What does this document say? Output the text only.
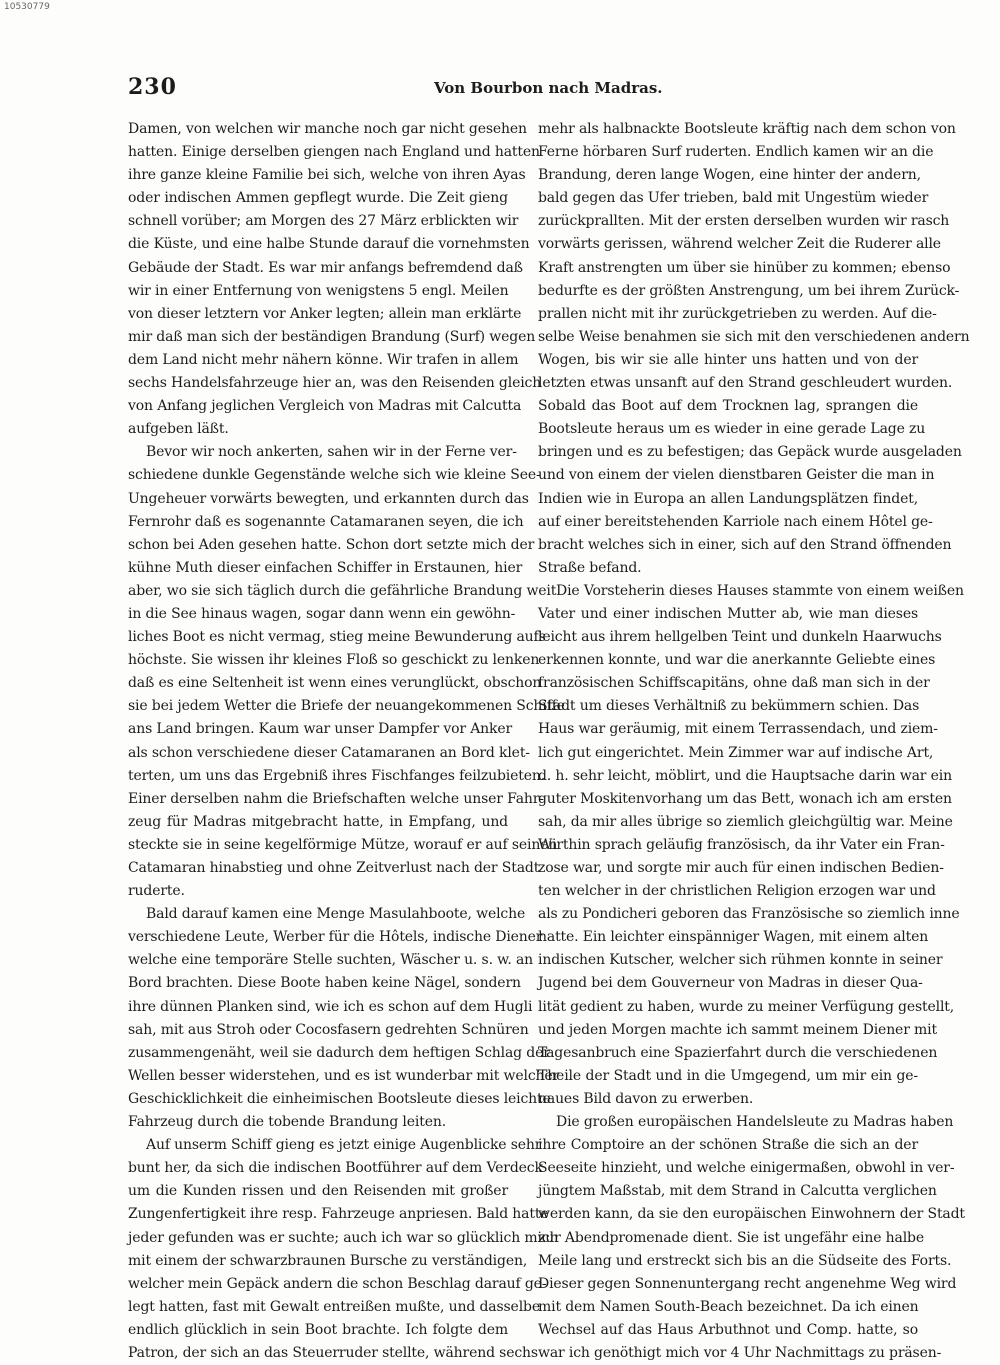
10530779
230	Von Bourbon nach Madras.
Damen, von welchen wir manche noch gar nicht gesehen
hatten. Einige derselben giengen nach England und hatten
ihre ganze kleine Familie bei sich, welche von ihren Ayas
oder indischen Ammen gepflegt wurde. Die Zeit gieng
schnell vorüber; am Morgen des 27 März erblickten wir
die Küste, und eine halbe Stunde darauf die vornehmsten
Gebäude der Stadt. Es war mir anfangs befremdend daß
wir in einer Entfernung von wenigstens 5 engl. Meilen
von dieser letztern vor Anker legten; allein man erklärte
mir daß man sich der beständigen Brandung (Surf) wegen
dem Land nicht mehr nähern könne. Wir trafen in allem
sechs Handelsfahrzeuge hier an, was den Reisenden gleich
von Anfang jeglichen Vergleich von Madras mit Calcutta
aufgeben läßt.
Bevor wir noch ankerten, sahen wir in der Ferne ver-
schiedene dunkle Gegenstände welche sich wie kleine See-
Ungeheuer vorwärts bewegten, und erkannten durch das
Fernrohr daß es sogenannte Catamaranen seyen, die ich
schon bei Aden gesehen hatte. Schon dort setzte mich der
kühne Muth dieser einfachen Schiffer in Erstaunen, hier
aber, wo sie sich täglich durch die gefährliche Brandung weit
in die See hinaus wagen, sogar dann wenn ein gewöhn-
liches Boot es nicht vermag, stieg meine Bewunderung aufs
höchste. Sie wissen ihr kleines Floß so geschickt zu lenken
daß es eine Seltenheit ist wenn eines verunglückt, obschon
sie bei jedem Wetter die Briefe der neuangekommenen Schiffe
ans Land bringen. Kaum war unser Dampfer vor Anker
als schon verschiedene dieser Catamaranen an Bord klet-
terten, um uns das Ergebniß ihres Fischfanges feilzubieten.
Einer derselben nahm die Briefschaften welche unser Fahr-
zeug für Madras mitgebracht hatte, in Empfang, und
steckte sie in seine kegelförmige Mütze, worauf er auf seinen
Catamaran hinabstieg und ohne Zeitverlust nach der Stadt
ruderte.
Bald darauf kamen eine Menge Masulahboote, welche
verschiedene Leute, Werber für die Hôtels, indische Diener
welche eine temporäre Stelle suchten, Wäscher u. s. w. an
Bord brachten. Diese Boote haben keine Nägel, sondern
ihre dünnen Planken sind, wie ich es schon auf dem Hugli
sah, mit aus Stroh oder Cocosfasern gedrehten Schnüren
zusammengenäht, weil sie dadurch dem heftigen Schlag der
Wellen besser widerstehen, und es ist wunderbar mit welcher
Geschicklichkeit die einheimischen Bootsleute dieses leichte
Fahrzeug durch die tobende Brandung leiten.
Auf unserm Schiff gieng es jetzt einige Augenblicke sehr
bunt her, da sich die indischen Bootführer auf dem Verdeck
um die Kunden rissen und den Reisenden mit großer
Zungenfertigkeit ihre resp. Fahrzeuge anpriesen. Bald hatte
jeder gefunden was er suchte; auch ich war so glücklich mich
mit einem der schwarzbraunen Bursche zu verständigen,
welcher mein Gepäck andern die schon Beschlag darauf ge-
legt hatten, fast mit Gewalt entreißen mußte, und dasselbe
endlich glücklich in sein Boot brachte. Ich folgte dem
Patron, der sich an das Steuerruder stellte, während sechs
mehr als halbnackte Bootsleute kräftig nach dem schon von
Ferne hörbaren Surf ruderten. Endlich kamen wir an die
Brandung, deren lange Wogen, eine hinter der andern,
bald gegen das Ufer trieben, bald mit Ungestüm wieder
zurückprallten. Mit der ersten derselben wurden wir rasch
vorwärts gerissen, während welcher Zeit die Ruderer alle
Kraft anstrengten um über sie hinüber zu kommen; ebenso
bedurfte es der größten Anstrengung, um bei ihrem Zurück-
prallen nicht mit ihr zurückgetrieben zu werden. Auf die-
selbe Weise benahmen sie sich mit den verschiedenen andern
Wogen, bis wir sie alle hinter uns hatten und von der
letzten etwas unsanft auf den Strand geschleudert wurden.
Sobald das Boot auf dem Trocknen lag, sprangen die
Bootsleute heraus um es wieder in eine gerade Lage zu
bringen und es zu befestigen; das Gepäck wurde ausgeladen
und von einem der vielen dienstbaren Geister die man in
Indien wie in Europa an allen Landungsplätzen findet,
auf einer bereitstehenden Karriole nach einem Hôtel ge-
bracht welches sich in einer, sich auf den Strand öffnenden
Straße befand.
Die Vorsteherin dieses Hauses stammte von einem weißen
Vater und einer indischen Mutter ab, wie man dieses
leicht aus ihrem hellgelben Teint und dunkeln Haarwuchs
erkennen konnte, und war die anerkannte Geliebte eines
französischen Schiffscapitäns, ohne daß man sich in der
Stadt um dieses Verhältniß zu bekümmern schien. Das
Haus war geräumig, mit einem Terrassendach, und ziem-
lich gut eingerichtet. Mein Zimmer war auf indische Art,
d. h. sehr leicht, möblirt, und die Hauptsache darin war ein
guter Moskitenvorhang um das Bett, wonach ich am ersten
sah, da mir alles übrige so ziemlich gleichgültig war. Meine
Wirthin sprach geläufig französisch, da ihr Vater ein Fran-
zose war, und sorgte mir auch für einen indischen Bedien-
ten welcher in der christlichen Religion erzogen war und
als zu Pondicheri geboren das Französische so ziemlich inne
hatte. Ein leichter einspänniger Wagen, mit einem alten
indischen Kutscher, welcher sich rühmen konnte in seiner
Jugend bei dem Gouverneur von Madras in dieser Qua-
lität gedient zu haben, wurde zu meiner Verfügung gestellt,
und jeden Morgen machte ich sammt meinem Diener mit
Tagesanbruch eine Spazierfahrt durch die verschiedenen
Theile der Stadt und in die Umgegend, um mir ein ge-
naues Bild davon zu erwerben.
Die großen europäischen Handelsleute zu Madras haben
ihre Comptoire an der schönen Straße die sich an der
Seeseite hinzieht, und welche einigermaßen, obwohl in ver-
jüngtem Maßstab, mit dem Strand in Calcutta verglichen
werden kann, da sie den europäischen Einwohnern der Stadt
zur Abendpromenade dient. Sie ist ungefähr eine halbe
Meile lang und erstreckt sich bis an die Südseite des Forts.
Dieser gegen Sonnenuntergang recht angenehme Weg wird
mit dem Namen South-Beach bezeichnet. Da ich einen
Wechsel auf das Haus Arbuthnot und Comp. hatte, so
war ich genöthigt mich vor 4 Uhr Nachmittags zu präsen-
